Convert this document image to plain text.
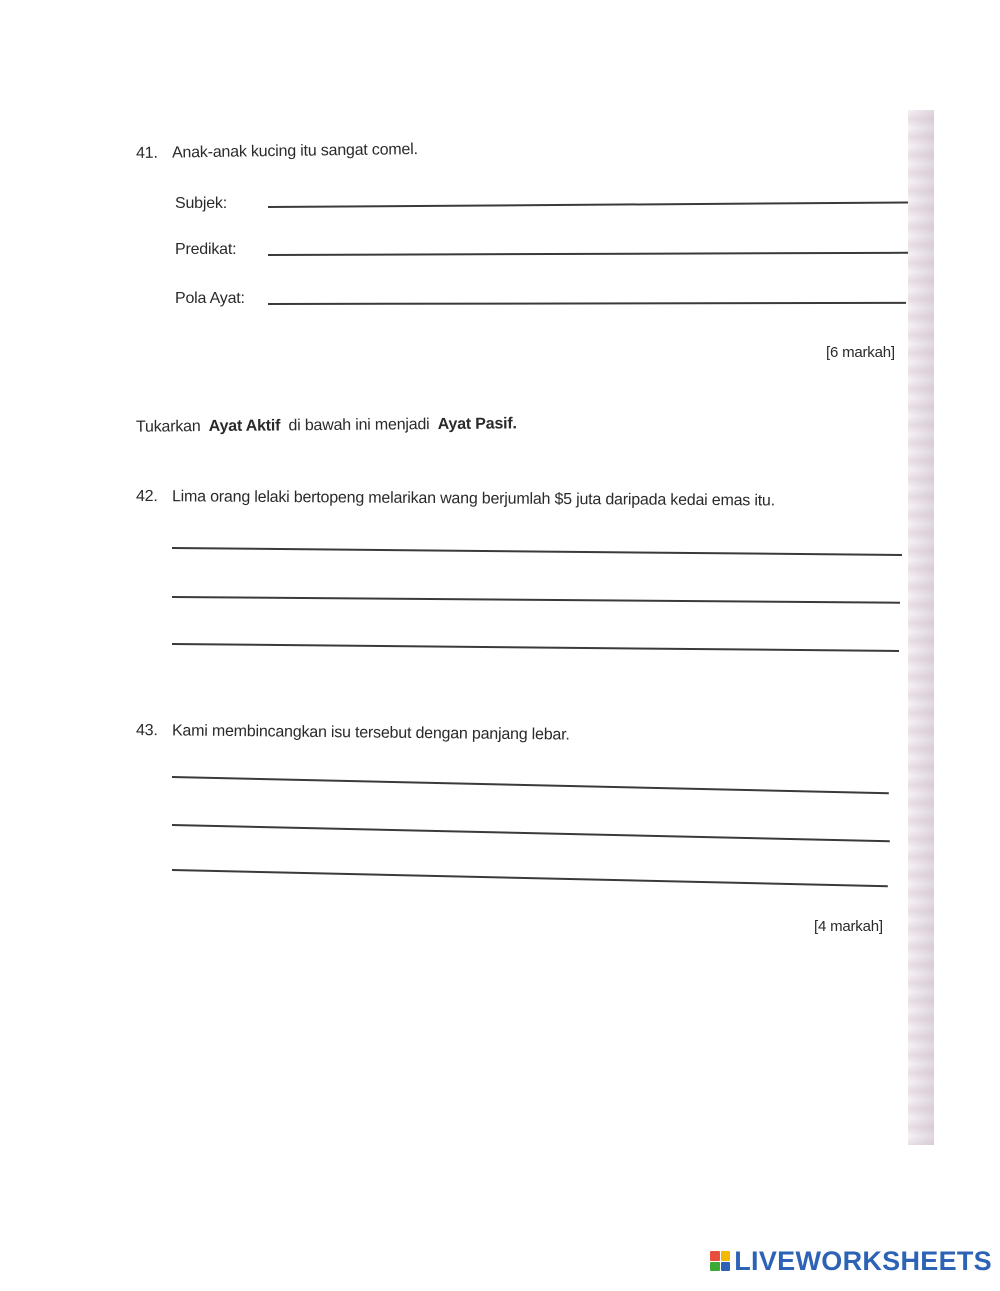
41. Anak-anak kucing itu sangat comel.
Subjek:
Predikat:
Pola Ayat:
[6 markah]
Tukarkan Ayat Aktif di bawah ini menjadi Ayat Pasif.
42. Lima orang lelaki bertopeng melarikan wang berjumlah $5 juta daripada kedai emas itu.
43. Kami membincangkan isu tersebut dengan panjang lebar.
[4 markah]
LIVEWORKSHEETS
